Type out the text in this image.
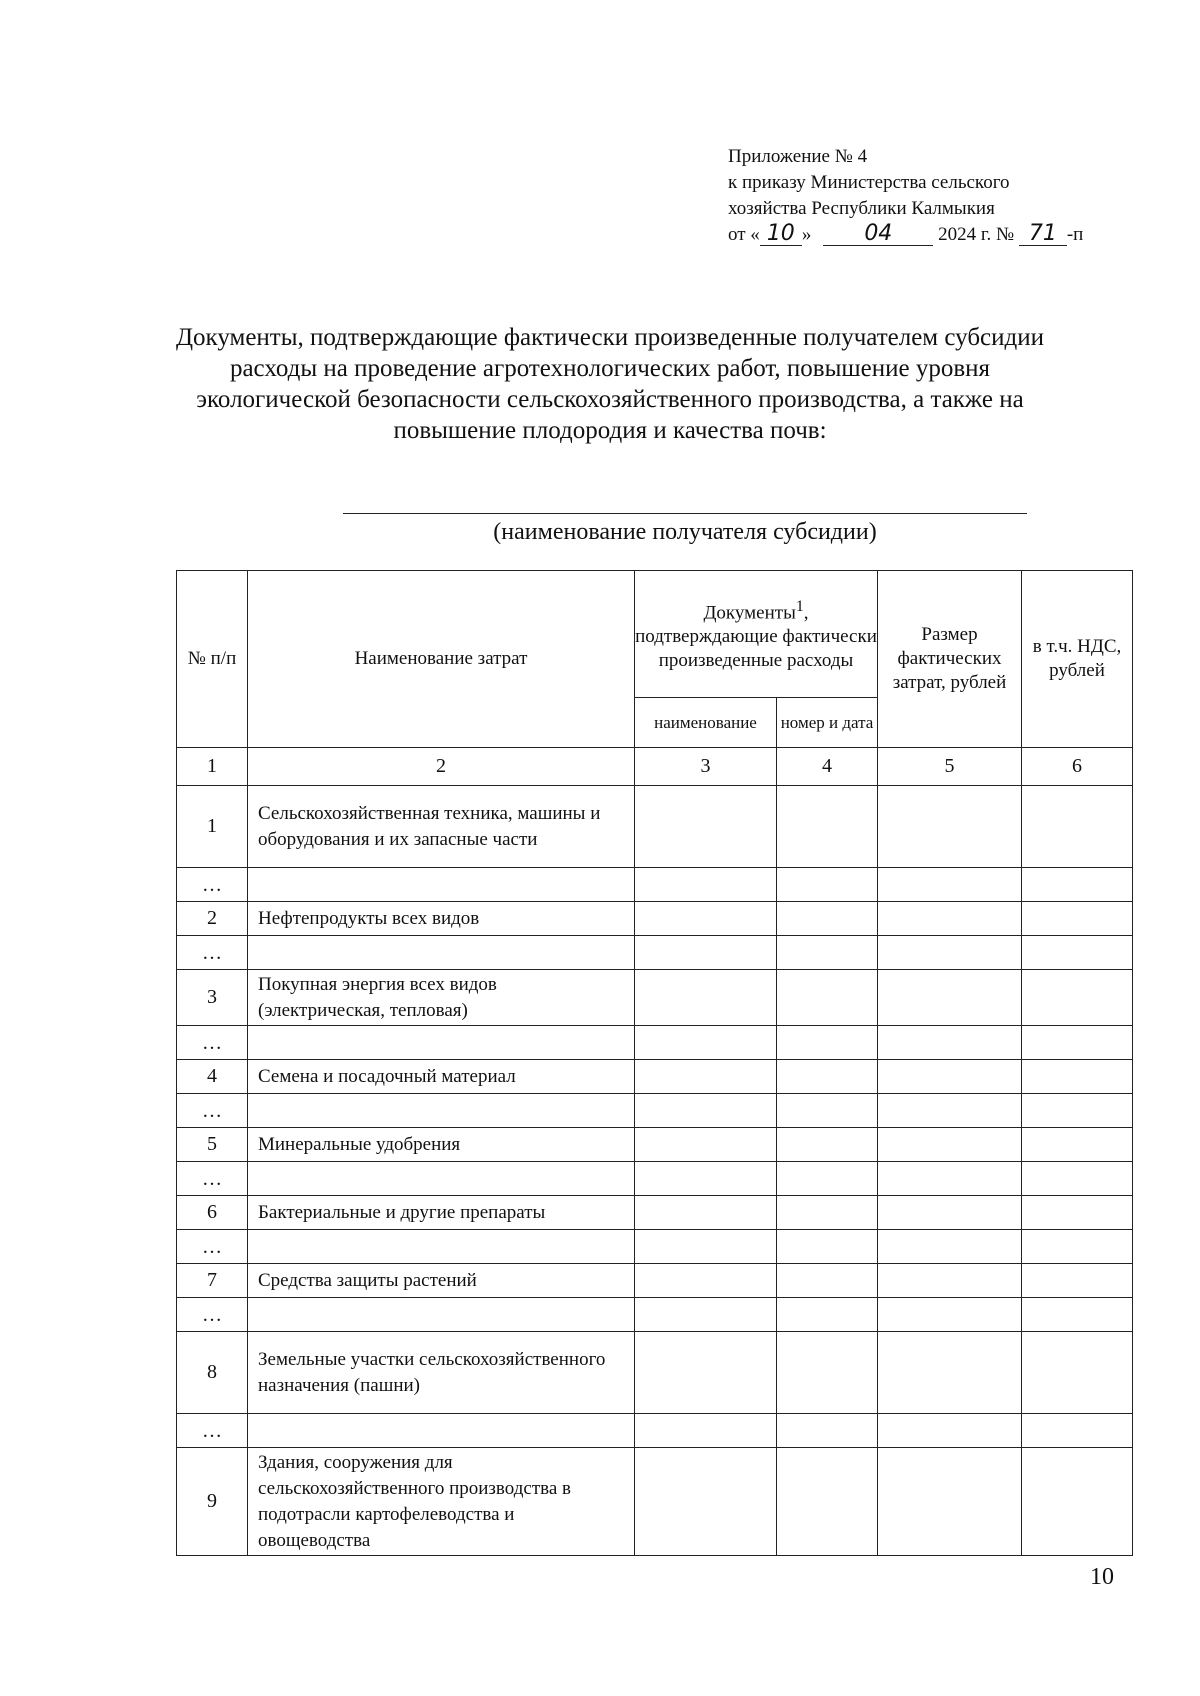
Приложение № 4
к приказу Министерства сельского
хозяйства Республики Калмыкия
от « 10 » 04 2024 г. № 71 -п
Документы, подтверждающие фактически произведенные получателем субсидии расходы на проведение агротехнологических работ, повышение уровня экологической безопасности сельскохозяйственного производства, а также на повышение плодородия и качества почв:
(наименование получателя субсидии)
№ п/п	Наименование затрат	Документы$^1$, подтверждающие фактически произведенные расходы		Размер фактических затрат, рублей	в т.ч. НДС, рублей
		наименование	номер и дата		
1	2	3	4	5	6
1	Сельскохозяйственная техника, машины и оборудования и их запасные части				
…					
2	Нефтепродукты всех видов				
…					
3	Покупная энергия всех видов (электрическая, тепловая)				
…					
4	Семена и посадочный материал				
…					
5	Минеральные удобрения				
…					
6	Бактериальные и другие препараты				
…					
7	Средства защиты растений				
…					
8	Земельные участки сельскохозяйственного назначения (пашни)				
…					
9	Здания, сооружения для сельскохозяйственного производства в подотрасли картофелеводства и овощеводства				
10
